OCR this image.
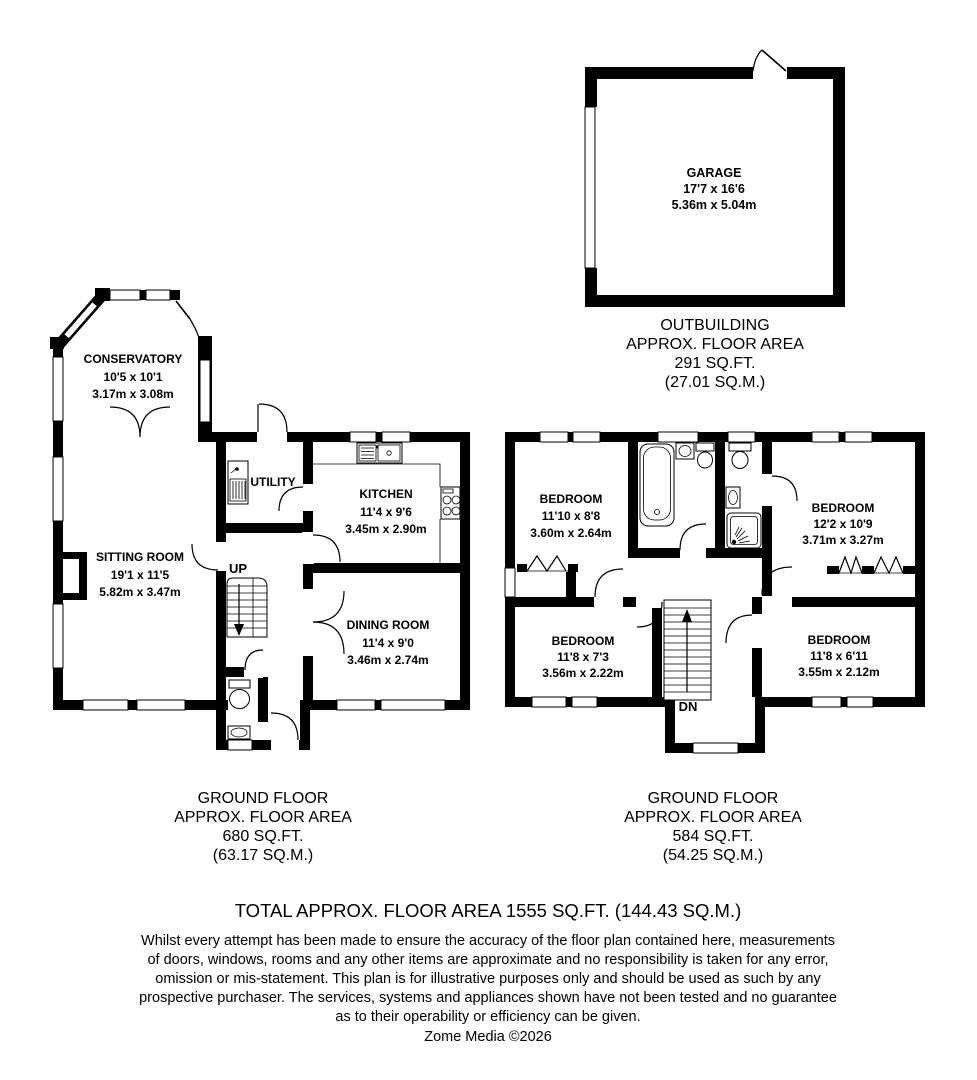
GARAGE
17'7 x 16'6
5.36m x 5.04m
OUTBUILDING
APPROX. FLOOR AREA
291 SQ.FT.
(27.01 SQ.M.)
CONSERVATORY
10'5 x 10'1
3.17m x 3.08m
SITTING ROOM
19'1 x 11'5
5.82m x 3.47m
UTILITY
KITCHEN
11'4 x 9'6
3.45m x 2.90m
DINING ROOM
11'4 x 9'0
3.46m x 2.74m
UP
GROUND FLOOR
APPROX. FLOOR AREA
680 SQ.FT.
(63.17 SQ.M.)
BEDROOM
11'10 x 8'8
3.60m x 2.64m
BEDROOM
12'2 x 10'9
3.71m x 3.27m
BEDROOM
11'8 x 7'3
3.56m x 2.22m
BEDROOM
11'8 x 6'11
3.55m x 2.12m
DN
GROUND FLOOR
APPROX. FLOOR AREA
584 SQ.FT.
(54.25 SQ.M.)
TOTAL APPROX. FLOOR AREA 1555 SQ.FT. (144.43 SQ.M.)
Whilst every attempt has been made to ensure the accuracy of the floor plan contained here, measurements
of doors, windows, rooms and any other items are approximate and no responsibility is taken for any error,
omission or mis-statement. This plan is for illustrative purposes only and should be used as such by any
prospective purchaser. The services, systems and appliances shown have not been tested and no guarantee
as to their operability or efficiency can be given.
Zome Media ©2026
